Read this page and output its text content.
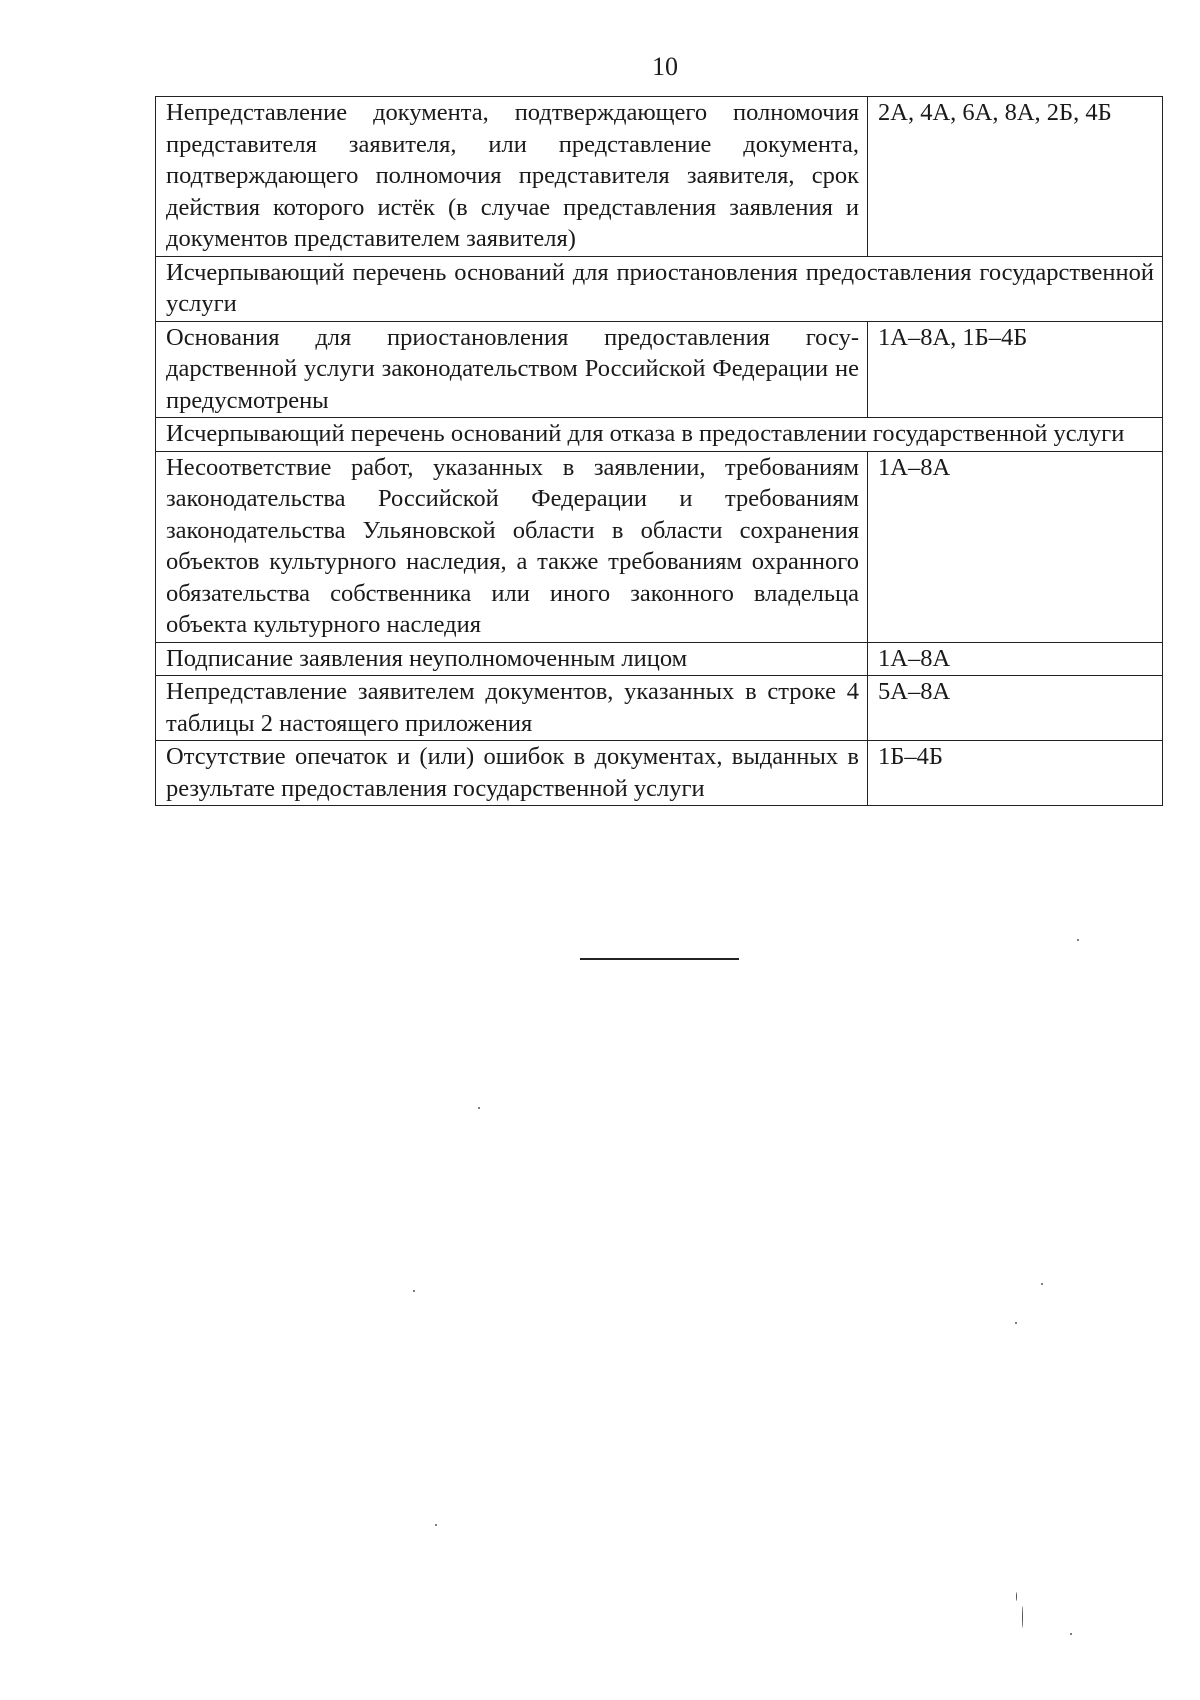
10
Непредставление документа, подтверждающего полномочия представителя заявителя, или представление документа, подтверждающего полномочия представителя заявителя, срок действия которого истёк (в случае представления заявления и документов представителем заявителя)	2А, 4А, 6А, 8А, 2Б, 4Б
Исчерпывающий перечень оснований для приостановления предоставления государственной услуги	
Основания для приостановления предоставления государственной услуги законодательством Российской Федерации не предусмотрены	1А–8А, 1Б–4Б
Исчерпывающий перечень оснований для отказа в предоставлении государственной услуги	
Несоответствие работ, указанных в заявлении, требованиям законодательства Российской Федерации и требованиям законодательства Ульяновской области в области сохранения объектов культурного наследия, а также требованиям охранного обязательства собственника или иного законного владельца объекта культурного наследия	1А–8А
Подписание заявления неуполномоченным лицом	1А–8А
Непредставление заявителем документов, указанных в строке 4 таблицы 2 настоящего приложения	5А–8А
Отсутствие опечаток и (или) ошибок в документах, выданных в результате предоставления государственной услуги	1Б–4Б
